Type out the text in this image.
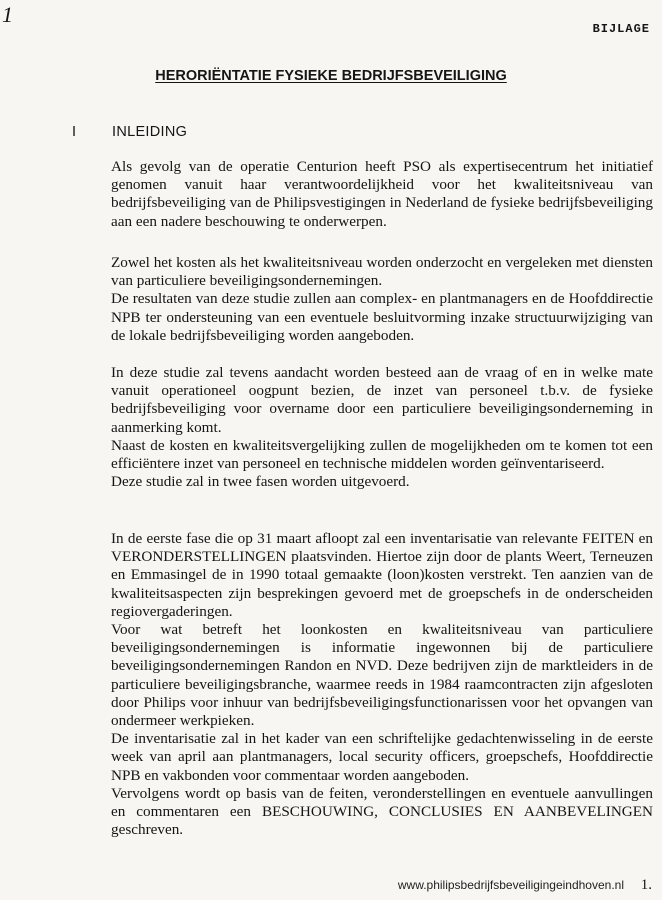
1
BIJLAGE
HERORIËNTATIE FYSIEKE BEDRIJFSBEVEILIGING
I INLEIDING

Als gevolg van de operatie Centurion heeft PSO als expertisecentrum het initiatief genomen vanuit haar verantwoordelijkheid voor het kwaliteitsniveau van bedrijfsbeveiliging van de Philipsvestigingen in Nederland de fysieke bedrijfsbeveiliging aan een nadere beschouwing te onderwerpen.

Zowel het kosten als het kwaliteitsniveau worden onderzocht en vergeleken met diensten van particuliere beveiligingsondernemingen.

De resultaten van deze studie zullen aan complex- en plantmanagers en de Hoofddirectie NPB ter ondersteuning van een eventuele besluitvorming inzake structuurwijziging van de lokale bedrijfsbeveiliging worden aangeboden.

In deze studie zal tevens aandacht worden besteed aan de vraag of en in welke mate vanuit operationeel oogpunt bezien, de inzet van personeel t.b.v. de fysieke bedrijfsbeveiliging voor overname door een particuliere beveiligingsonderneming in aanmerking komt.

Naast de kosten en kwaliteitsvergelijking zullen de mogelijkheden om te komen tot een efficiëntere inzet van personeel en technische middelen worden geïnventariseerd.

Deze studie zal in twee fasen worden uitgevoerd.

In de eerste fase die op 31 maart afloopt zal een inventarisatie van relevante FEITEN en VERONDERSTELLINGEN plaatsvinden. Hiertoe zijn door de plants Weert, Terneuzen en Emmasingel de in 1990 totaal gemaakte (loon)kosten verstrekt. Ten aanzien van de kwaliteitsaspecten zijn besprekingen gevoerd met de groepschefs in de onderscheiden regiovergaderingen.

Voor wat betreft het loonkosten en kwaliteitsniveau van particuliere beveiligingsondernemingen is informatie ingewonnen bij de particuliere beveiligingsondernemingen Randon en NVD. Deze bedrijven zijn de marktleiders in de particuliere beveiligingsbranche, waarmee reeds in 1984 raamcontracten zijn afgesloten door Philips voor inhuur van bedrijfsbeveiligingsfunctionarissen voor het opvangen van ondermeer werkpieken.

De inventarisatie zal in het kader van een schriftelijke gedachtenwisseling in de eerste week van april aan plantmanagers, local security officers, groepschefs, Hoofddirectie NPB en vakbonden voor commentaar worden aangeboden.

Vervolgens wordt op basis van de feiten, veronderstellingen en eventuele aanvullingen en commentaren een BESCHOUWING, CONCLUSIES EN AANBEVELINGEN geschreven.

www.philipsbedrijfsbeveiligingeindhoven.nl 1.
